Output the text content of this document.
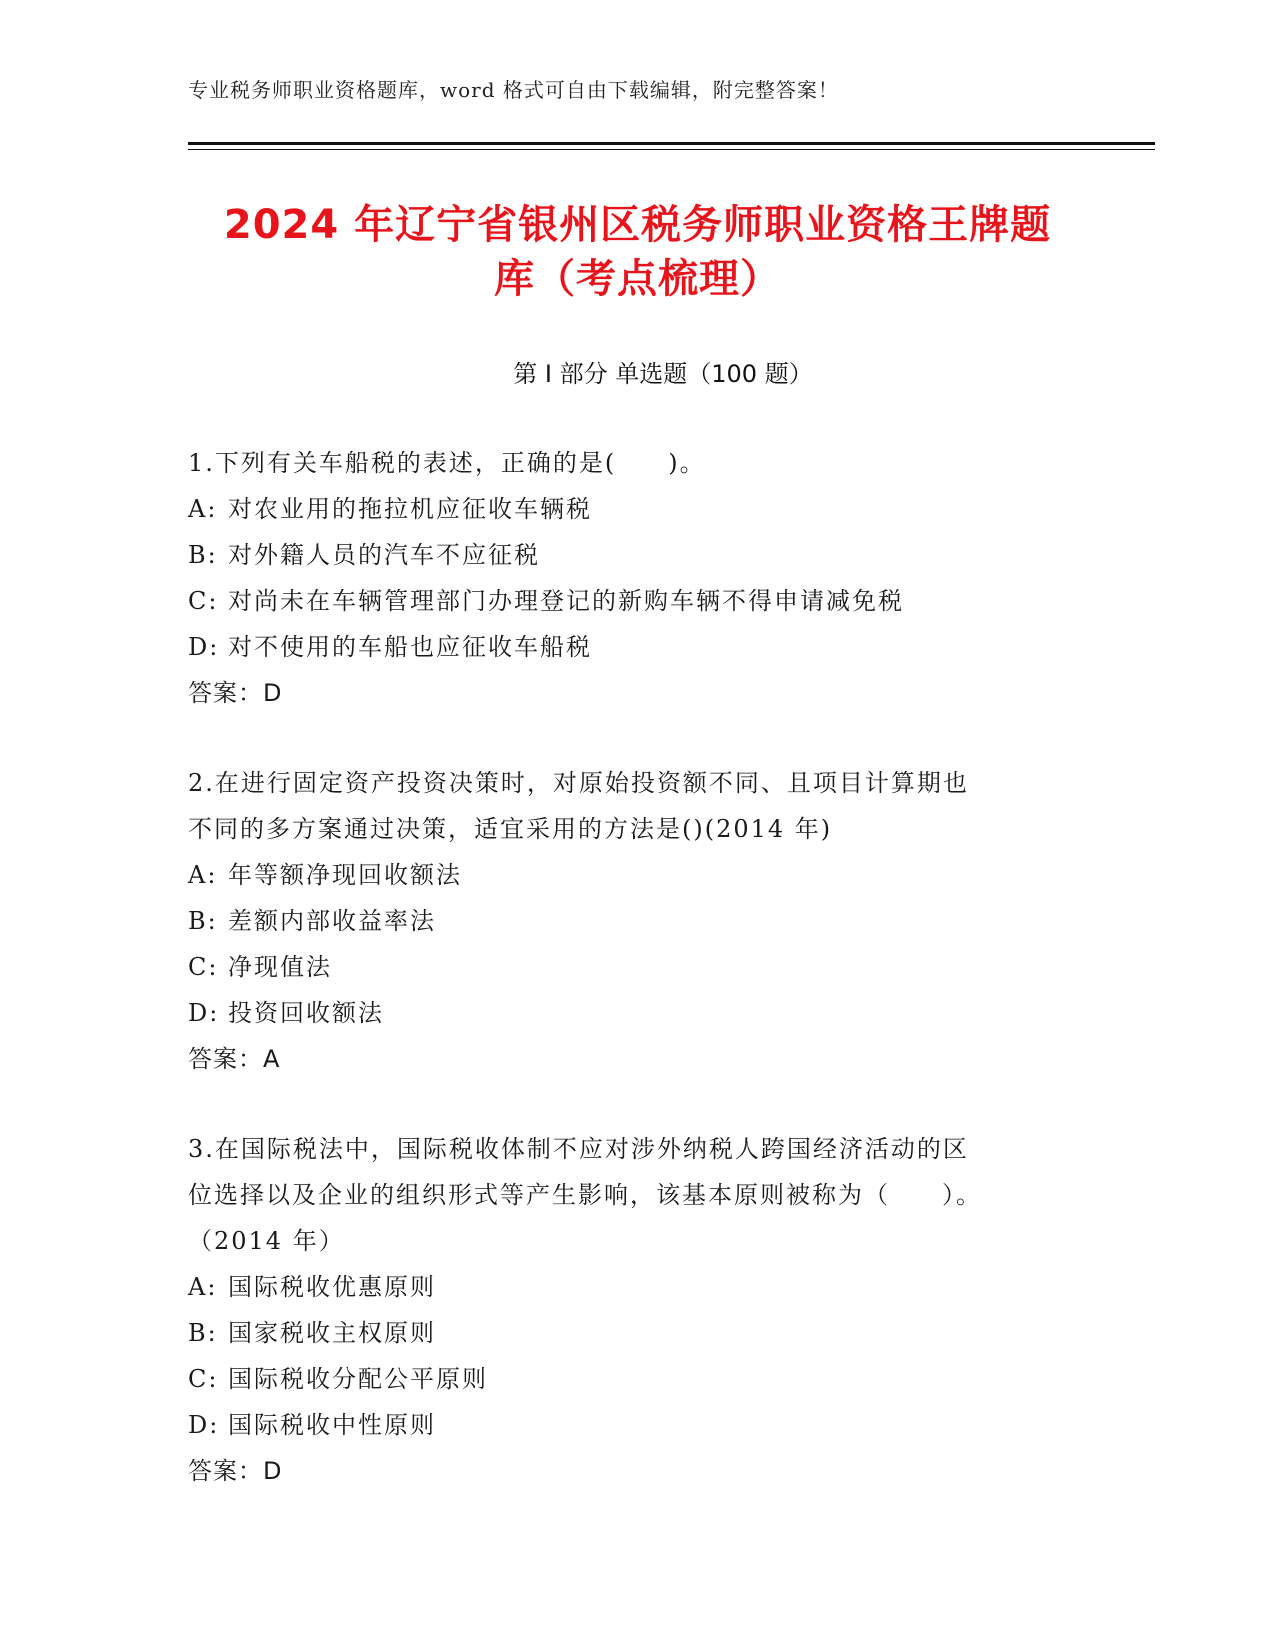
专业税务师职业资格题库，word 格式可自由下载编辑，附完整答案！
2024 年辽宁省银州区税务师职业资格王牌题
库（考点梳理）
第 I 部分 单选题（100 题）

1.下列有关车船税的表述，正确的是(　　)。

A: 对农业用的拖拉机应征收车辆税
B: 对外籍人员的汽车不应征税
C: 对尚未在车辆管理部门办理登记的新购车辆不得申请减免税
D: 对不使用的车船也应征收车船税

答案：D

2.在进行固定资产投资决策时，对原始投资额不同、且项目计算期也

不同的多方案通过决策，适宜采用的方法是()(2014 年)

A: 年等额净现回收额法
B: 差额内部收益率法
C: 净现值法
D: 投资回收额法

答案：A

3.在国际税法中，国际税收体制不应对涉外纳税人跨国经济活动的区

位选择以及企业的组织形式等产生影响，该基本原则被称为（　　）。

（2014 年）

A: 国际税收优惠原则
B: 国家税收主权原则
C: 国际税收分配公平原则
D: 国际税收中性原则

答案：D
